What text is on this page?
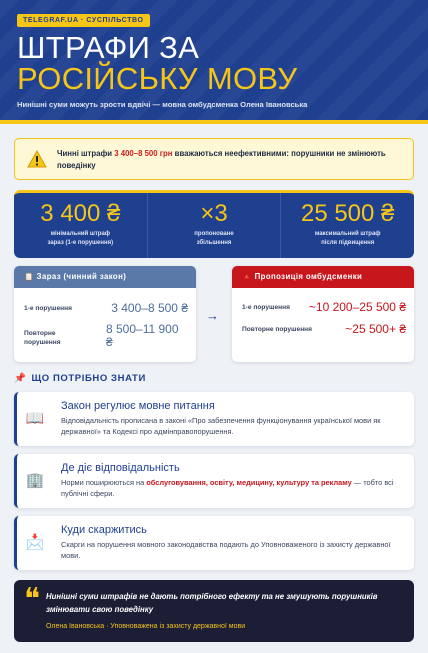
TELEGRAF.UA · СУСПІЛЬСТВО
ШТРАФИ ЗА
РОСІЙСЬКУ МОВУ
Нинішні суми можуть зрости вдвічі — мовна омбудсменка Олена Івановська
Чинні штрафи 3 400–8 500 грн вважаються неефективними: порушники не змінюють поведінку
3 400 ₴
мінімальний штраф
зараз (1-е порушення)
×3
пропоноване
збільшення
25 500 ₴
максимальний штраф
після підвищення
📋 Зараз (чинний закон)
1-е порушення	3 400–8 500 ₴
Повторне
порушення
8 500–11 900
₴
→
🔺 Пропозиція омбудсменки
1-е порушення ~10 200–25 500 ₴
Повторне порушення	~25 500+ ₴
📌 ЩО ПОТРІБНО ЗНАТИ
📖
Закон регулює мовне питання
Відповідальність прописана в законі «Про забезпечення функціонування української мови як державної» та Кодексі про адмінправопорушення.
🏢
Де діє відповідальність
Норми поширюються на обслуговування, освіту, медицину, культуру та рекламу — тобто всі публічні сфери.
📩
Куди скаржитись
Скарги на порушення мовного законодавства подають до Уповноваженого із захисту державної мови.
❝ Нинішні суми штрафів не дають потрібного ефекту та не змушують порушників змінювати свою поведінку
Олена Івановська · Уповноважена із захисту державної мови
